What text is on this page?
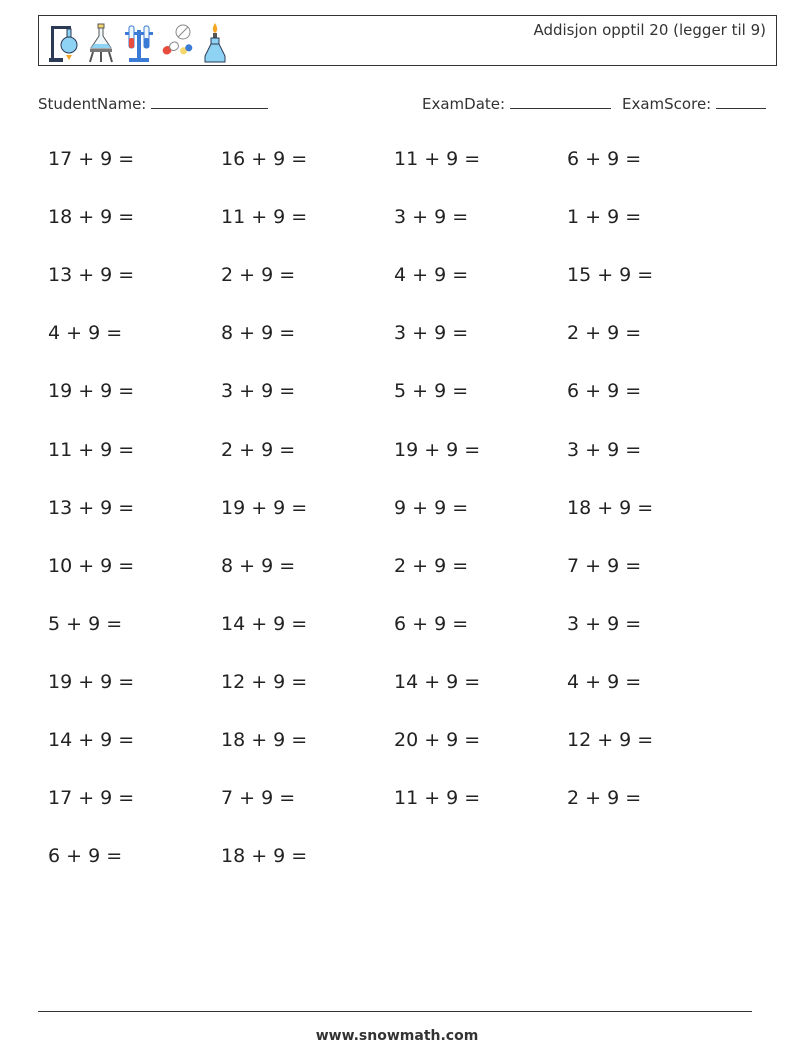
Addisjon opptil 20 (legger til 9)
StudentName:	ExamDate:	ExamScore:
17 + 9 =	16 + 9 =	11 + 9 =	6 + 9 =
18 + 9 =	11 + 9 =	3 + 9 =	1 + 9 =
13 + 9 =	2 + 9 =	4 + 9 =	15 + 9 =
4 + 9 =	8 + 9 =	3 + 9 =	2 + 9 =
19 + 9 =	3 + 9 =	5 + 9 =	6 + 9 =
11 + 9 =	2 + 9 =	19 + 9 =	3 + 9 =
13 + 9 =	19 + 9 =	9 + 9 =	18 + 9 =
10 + 9 =	8 + 9 =	2 + 9 =	7 + 9 =
5 + 9 =	14 + 9 =	6 + 9 =	3 + 9 =
19 + 9 =	12 + 9 =	14 + 9 =	4 + 9 =
14 + 9 =	18 + 9 =	20 + 9 =	12 + 9 =
17 + 9 =	7 + 9 =	11 + 9 =	2 + 9 =
6 + 9 =	18 + 9 =
www.snowmath.com
